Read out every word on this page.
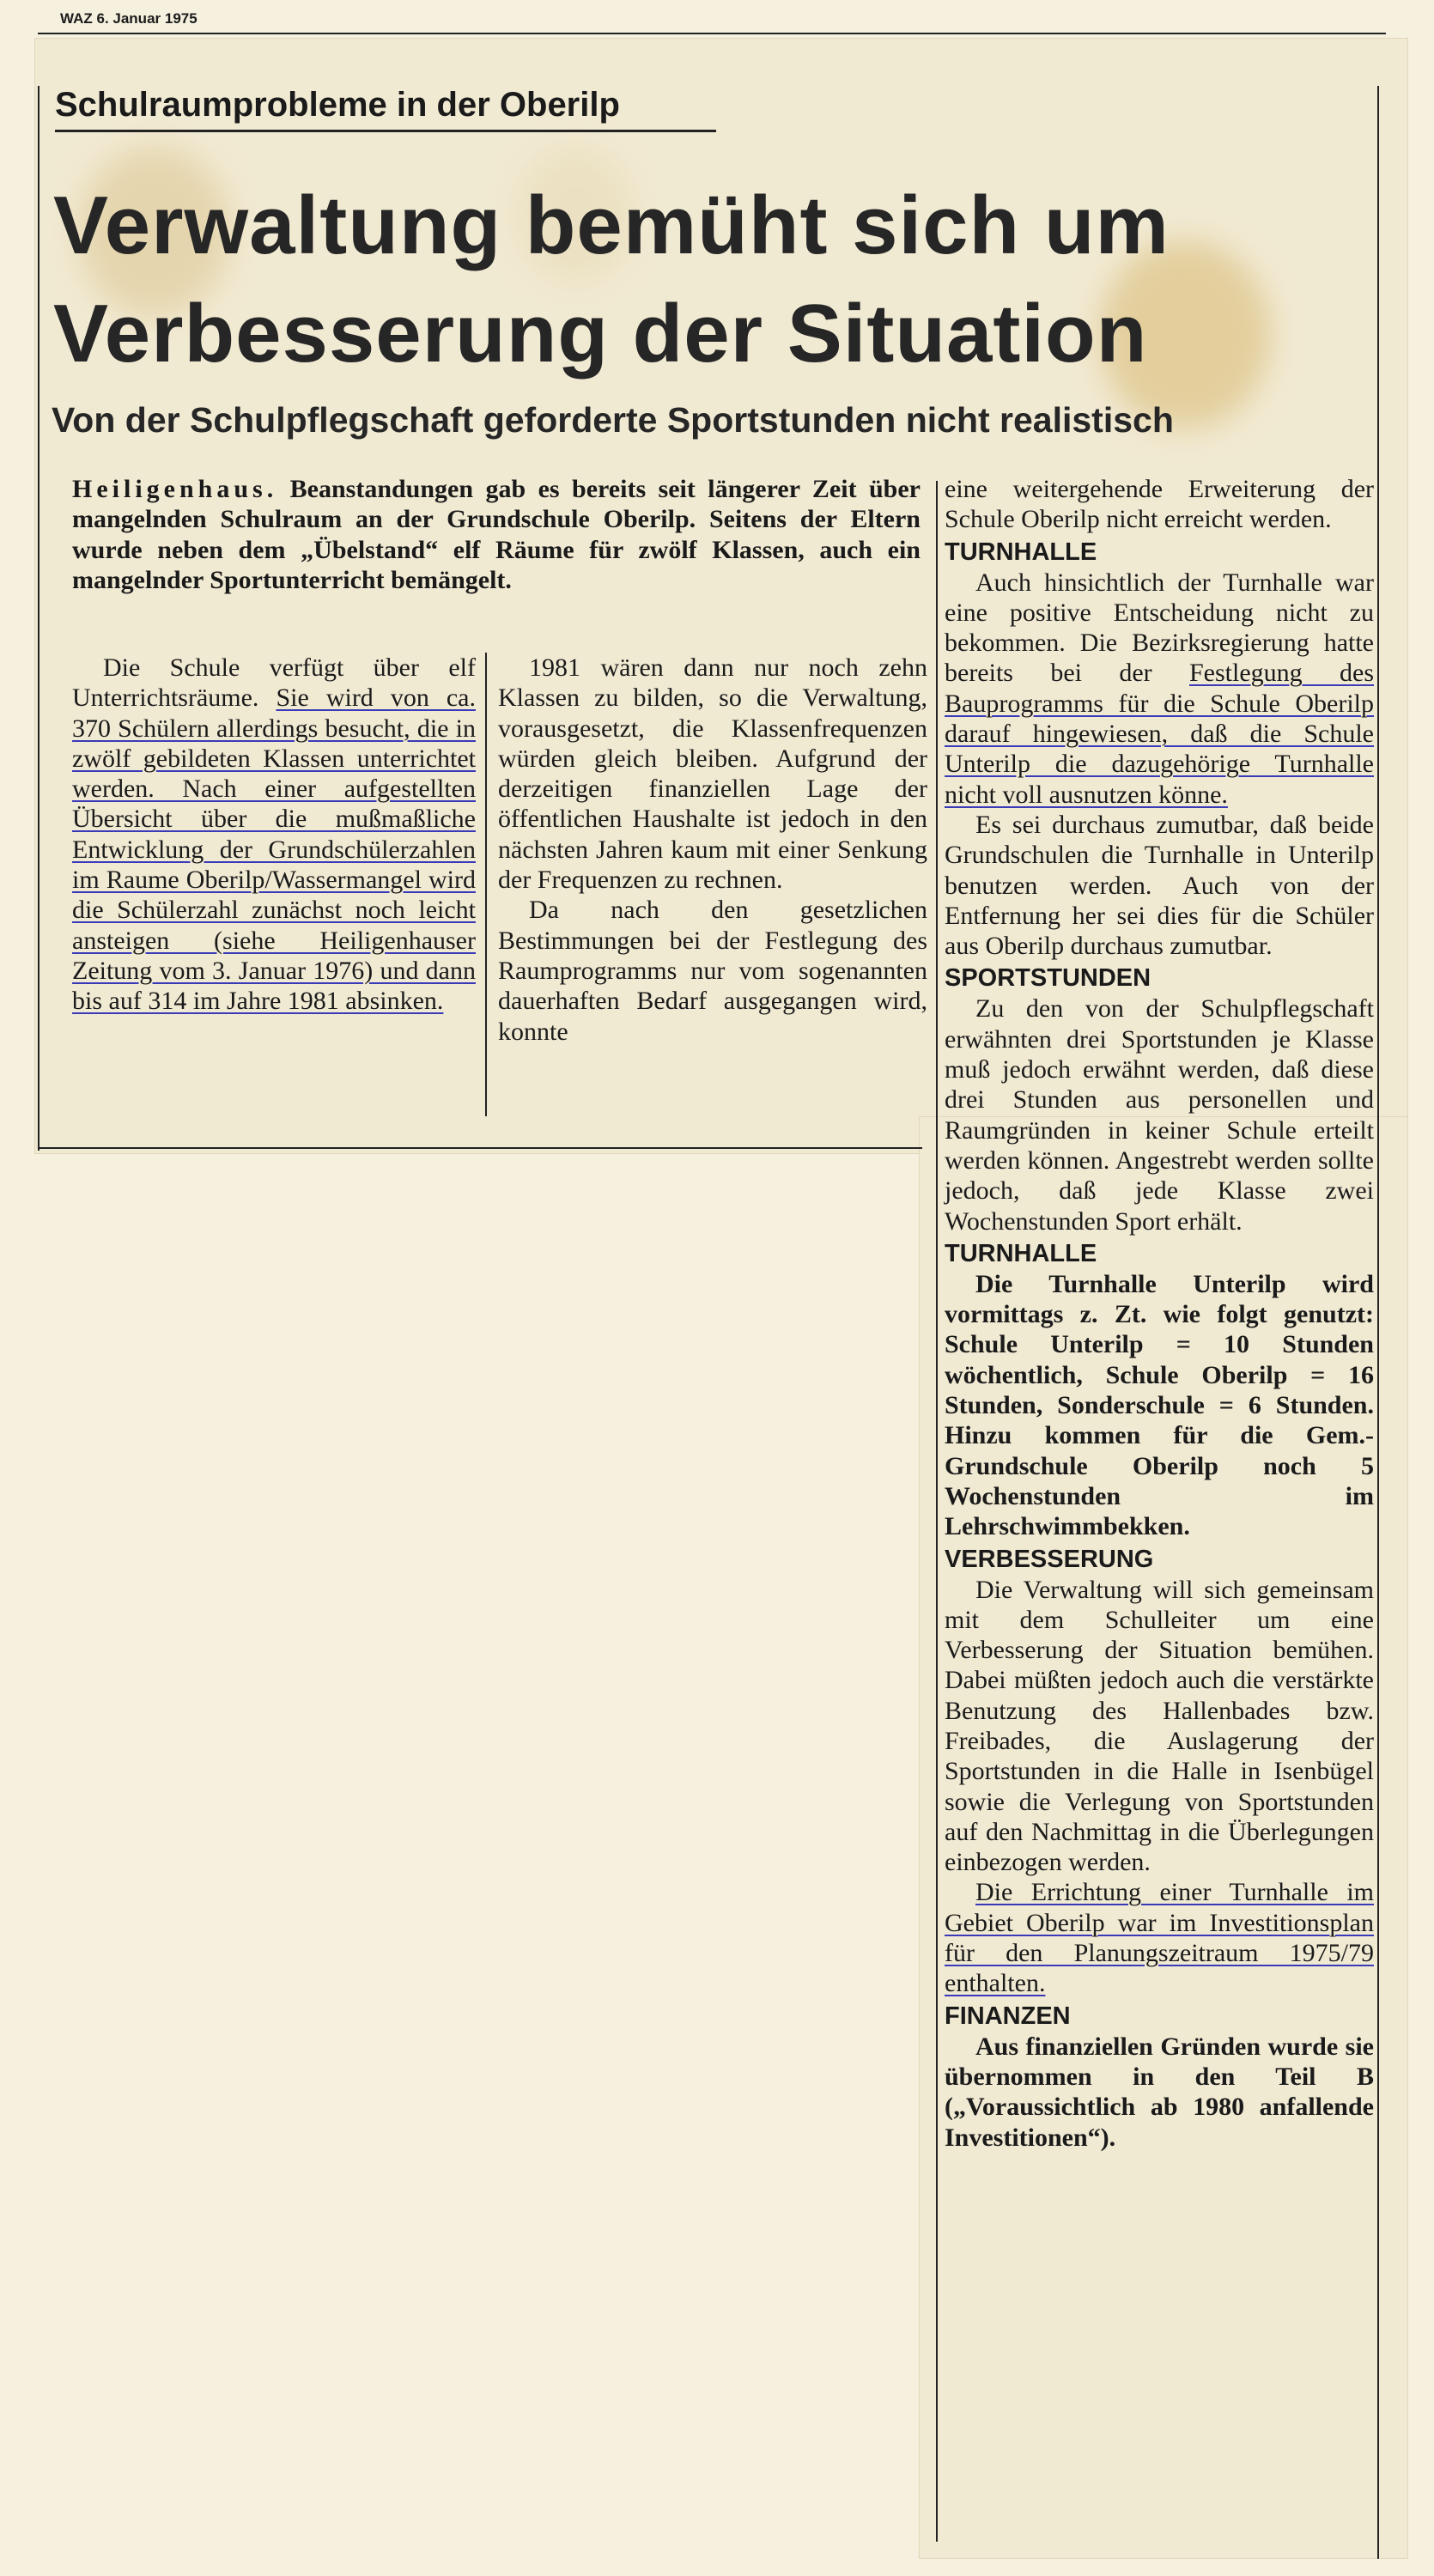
WAZ 6. Januar 1975
Schulraumprobleme in der Oberilp
Verwaltung bemüht sich um
Verbesserung der Situation
Von der Schulpflegschaft geforderte Sportstunden nicht realistisch

Heiligenhaus. Beanstandungen gab es bereits seit längerer Zeit über mangelnden Schulraum an der Grundschule Oberilp. Seitens der Eltern wurde neben dem „Übelstand“ elf Räume für zwölf Klassen, auch ein mangelnder Sportunterricht bemängelt.

Die Schule verfügt über elf Unterrichtsräume. Sie wird von ca. 370 Schülern allerdings besucht, die in zwölf gebildeten Klassen unterrichtet werden. Nach einer aufgestellten Übersicht über die mußmaßliche Entwicklung der Grundschülerzahlen im Raume Oberilp/Wassermangel wird die Schülerzahl zunächst noch leicht ansteigen (siehe Heiligenhauser Zeitung vom 3. Januar 1976) und dann bis auf 314 im Jahre 1981 absinken.

1981 wären dann nur noch zehn Klassen zu bilden, so die Verwaltung, vorausgesetzt, die Klassenfrequenzen würden gleich bleiben. Aufgrund der derzeitigen finanziellen Lage der öffentlichen Haushalte ist jedoch in den nächsten Jahren kaum mit einer Senkung der Frequenzen zu rechnen.

Da nach den gesetzlichen Bestimmungen bei der Festlegung des Raumprogramms nur vom sogenannten dauerhaften Bedarf ausgegangen wird, konnte

eine weitergehende Erweiterung der Schule Oberilp nicht erreicht werden.

TURNHALLE

Auch hinsichtlich der Turnhalle war eine positive Entscheidung nicht zu bekommen. Die Bezirksregierung hatte bereits bei der Festlegung des Bauprogramms für die Schule Oberilp darauf hingewiesen, daß die Schule Unterilp die dazugehörige Turnhalle nicht voll ausnutzen könne.

Es sei durchaus zumutbar, daß beide Grundschulen die Turnhalle in Unterilp benutzen werden. Auch von der Entfernung her sei dies für die Schüler aus Oberilp durchaus zumutbar.

SPORTSTUNDEN

Zu den von der Schulpflegschaft erwähnten drei Sportstunden je Klasse muß jedoch erwähnt werden, daß diese drei Stunden aus personellen und Raumgründen in keiner Schule erteilt werden können. Angestrebt werden sollte jedoch, daß jede Klasse zwei Wochenstunden Sport erhält.

TURNHALLE

Die Turnhalle Unterilp wird vormittags z. Zt. wie folgt genutzt: Schule Unterilp = 10 Stunden wöchentlich, Schule Oberilp = 16 Stunden, Sonderschule = 6 Stunden. Hinzu kommen für die Gem.-Grundschule Oberilp noch 5 Wochenstunden im Lehrschwimmbekken.

VERBESSERUNG

Die Verwaltung will sich gemeinsam mit dem Schulleiter um eine Verbesserung der Situation bemühen. Dabei müßten jedoch auch die verstärkte Benutzung des Hallenbades bzw. Freibades, die Auslagerung der Sportstunden in die Halle in Isenbügel sowie die Verlegung von Sportstunden auf den Nachmittag in die Überlegungen einbezogen werden.

Die Errichtung einer Turnhalle im Gebiet Oberilp war im Investitionsplan für den Planungszeitraum 1975/79 enthalten.

FINANZEN

Aus finanziellen Gründen wurde sie übernommen in den Teil B („Voraussichtlich ab 1980 anfallende Investitionen“).
